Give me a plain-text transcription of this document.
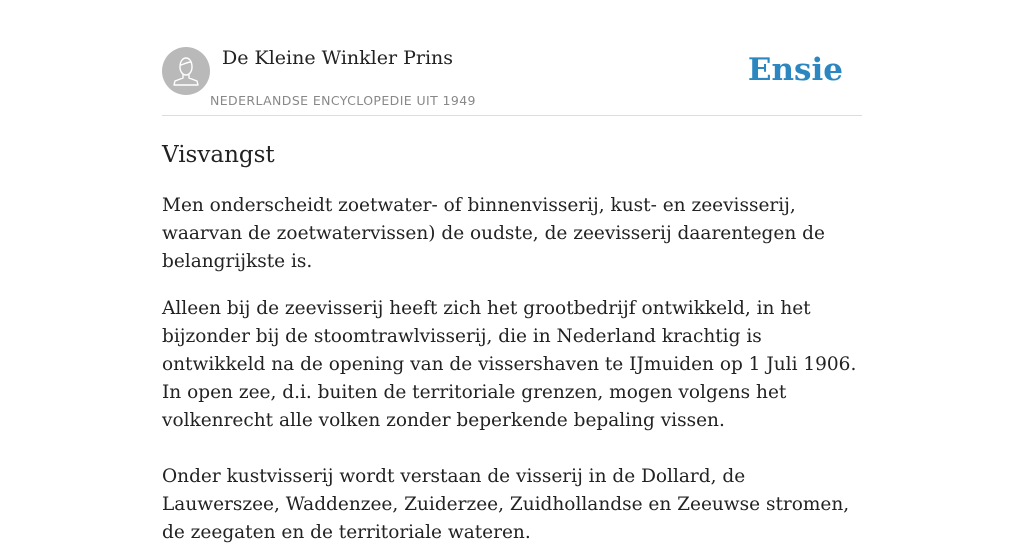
De Kleine Winkler Prins
NEDERLANDSE ENCYCLOPEDIE UIT 1949
Ensie
Visvangst

Men onderscheidt zoetwater- of binnenvisserij, kust- en zeevisserij, waarvan de zoetwatervissen) de oudste, de zeevisserij daarentegen de belangrijkste is.

Alleen bij de zeevisserij heeft zich het grootbedrijf ontwikkeld, in het bijzonder bij de stoomtrawlvisserij, die in Nederland krachtig is ontwikkeld na de opening van de vissershaven te IJmuiden op 1 Juli 1906. In open zee, d.i. buiten de territoriale grenzen, mogen volgens het volkenrecht alle volken zonder beperkende bepaling vissen.

Onder kustvisserij wordt verstaan de visserij in de Dollard, de Lauwerszee, Waddenzee, Zuiderzee, Zuidhollandse en Zeeuwse stromen, de zeegaten en de territoriale wateren.
